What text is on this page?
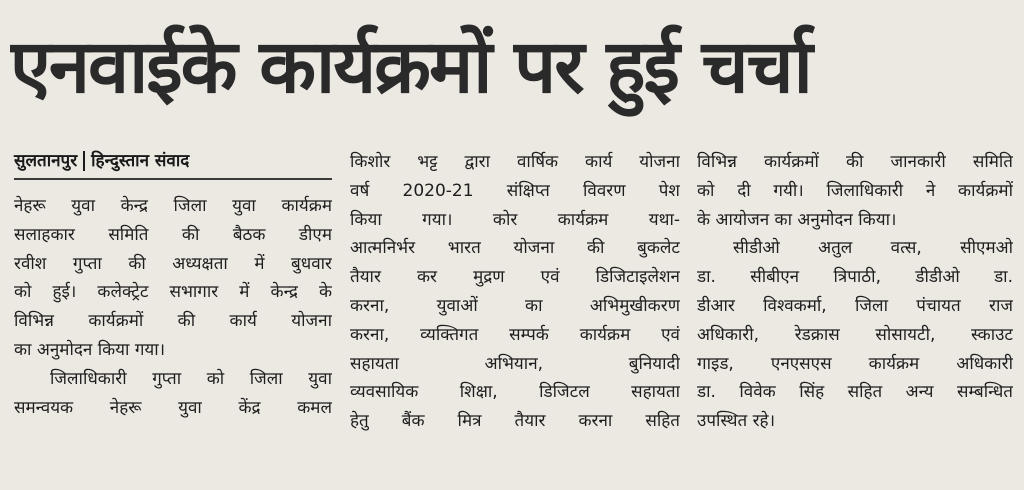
एनवाईके कार्यक्रमों पर हुई चर्चा
सुलतानपुर हिन्दुस्तान संवाद
नेहरू युवा केन्द्र जिला युवा कार्यक्रम
सलाहकार समिति की बैठक डीएम
रवीश गुप्ता की अध्यक्षता में बुधवार
को हुई। कलेक्ट्रेट सभागार में केन्द्र के
विभिन्न कार्यक्रमों की कार्य योजना
का अनुमोदन किया गया।
जिलाधिकारी गुप्ता को जिला युवा
समन्वयक नेहरू युवा केंद्र कमल
किशोर भट्ट द्वारा वार्षिक कार्य योजना
वर्ष 2020-21 संक्षिप्त विवरण पेश
किया गया। कोर कार्यक्रम यथा-
आत्मनिर्भर भारत योजना की बुकलेट
तैयार कर मुद्रण एवं डिजिटाइलेशन
करना, युवाओं का अभिमुखीकरण
करना, व्यक्तिगत सम्पर्क कार्यक्रम एवं
सहायता अभियान, बुनियादी
व्यवसायिक शिक्षा, डिजिटल सहायता
हेतु बैंक मित्र तैयार करना सहित
विभिन्न कार्यक्रमों की जानकारी समिति
को दी गयी। जिलाधिकारी ने कार्यक्रमों
के आयोजन का अनुमोदन किया।
सीडीओ अतुल वत्स, सीएमओ
डा. सीबीएन त्रिपाठी, डीडीओ डा.
डीआर विश्वकर्मा, जिला पंचायत राज
अधिकारी, रेडक्रास सोसायटी, स्काउट
गाइड, एनएसएस कार्यक्रम अधिकारी
डा. विवेक सिंह सहित अन्य सम्बन्धित
उपस्थित रहे।
